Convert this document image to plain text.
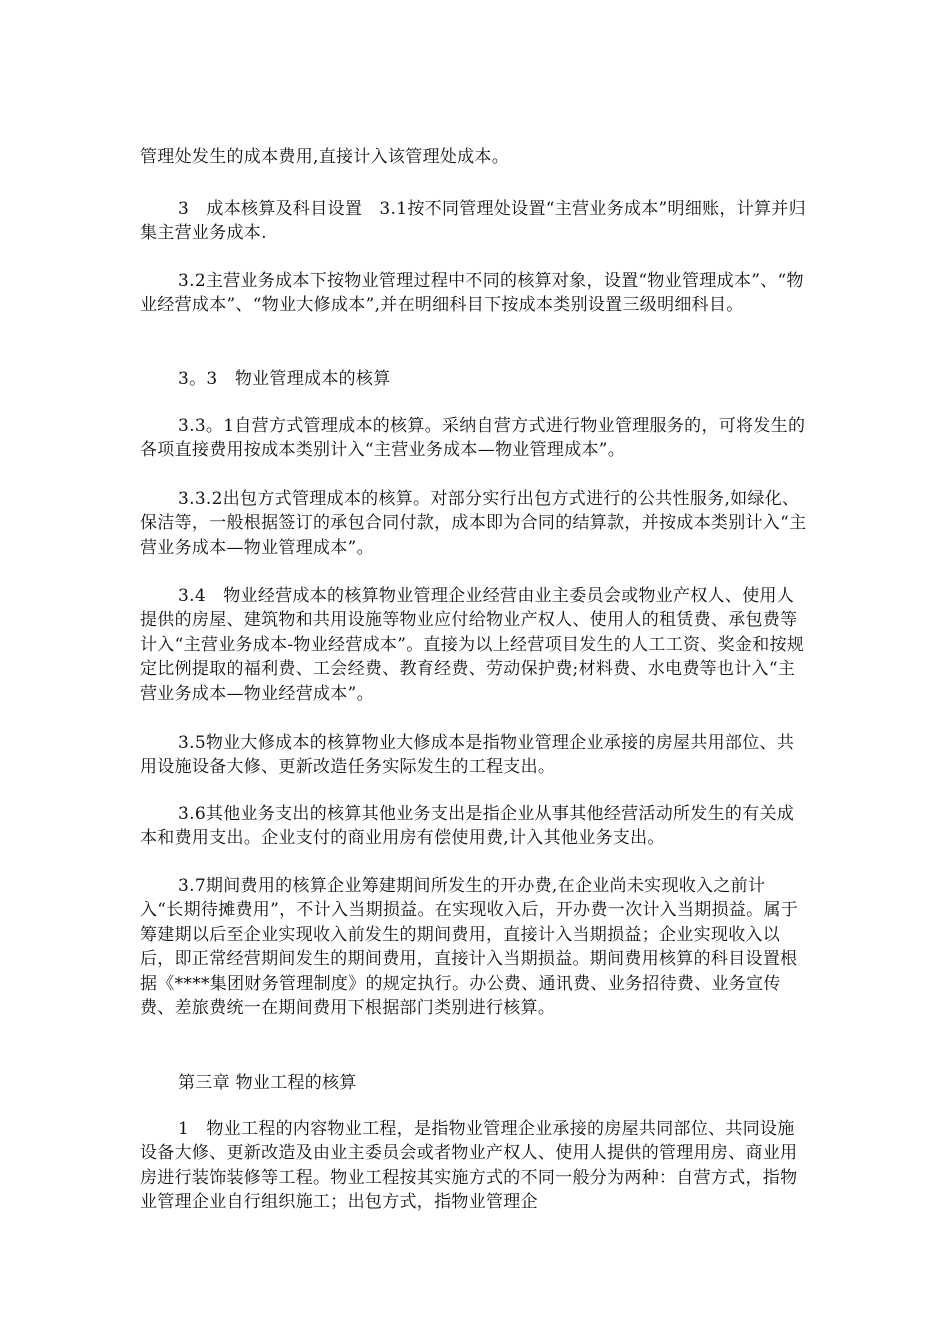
管理处发生的成本费用,直接计入该管理处成本。

3　成本核算及科目设置　3.1按不同管理处设置“主营业务成本”明细账，计算并归集主营业务成本.

3.2主营业务成本下按物业管理过程中不同的核算对象，设置“物业管理成本”、“物业经营成本”、“物业大修成本”,并在明细科目下按成本类别设置三级明细科目。

3。3　物业管理成本的核算

3.3。1自营方式管理成本的核算。采纳自营方式进行物业管理服务的，可将发生的各项直接费用按成本类别计入“主营业务成本—物业管理成本”。

3.3.2出包方式管理成本的核算。对部分实行出包方式进行的公共性服务,如绿化、保洁等，一般根据签订的承包合同付款，成本即为合同的结算款，并按成本类别计入“主营业务成本—物业管理成本”。

3.4　物业经营成本的核算物业管理企业经营由业主委员会或物业产权人、使用人提供的房屋、建筑物和共用设施等物业应付给物业产权人、使用人的租赁费、承包费等计入“主营业务成本-物业经营成本”。直接为以上经营项目发生的人工工资、奖金和按规定比例提取的福利费、工会经费、教育经费、劳动保护费;材料费、水电费等也计入“主营业务成本—物业经营成本”。

3.5物业大修成本的核算物业大修成本是指物业管理企业承接的房屋共用部位、共用设施设备大修、更新改造任务实际发生的工程支出。

3.6其他业务支出的核算其他业务支出是指企业从事其他经营活动所发生的有关成本和费用支出。企业支付的商业用房有偿使用费,计入其他业务支出。

3.7期间费用的核算企业筹建期间所发生的开办费,在企业尚未实现收入之前计入“长期待摊费用”，不计入当期损益。在实现收入后，开办费一次计入当期损益。属于筹建期以后至企业实现收入前发生的期间费用，直接计入当期损益；企业实现收入以后，即正常经营期间发生的期间费用，直接计入当期损益。期间费用核算的科目设置根据《****集团财务管理制度》的规定执行。办公费、通讯费、业务招待费、业务宣传费、差旅费统一在期间费用下根据部门类别进行核算。

第三章 物业工程的核算

1　物业工程的内容物业工程，是指物业管理企业承接的房屋共同部位、共同设施设备大修、更新改造及由业主委员会或者物业产权人、使用人提供的管理用房、商业用房进行装饰装修等工程。物业工程按其实施方式的不同一般分为两种：自营方式，指物业管理企业自行组织施工；出包方式，指物业管理企
